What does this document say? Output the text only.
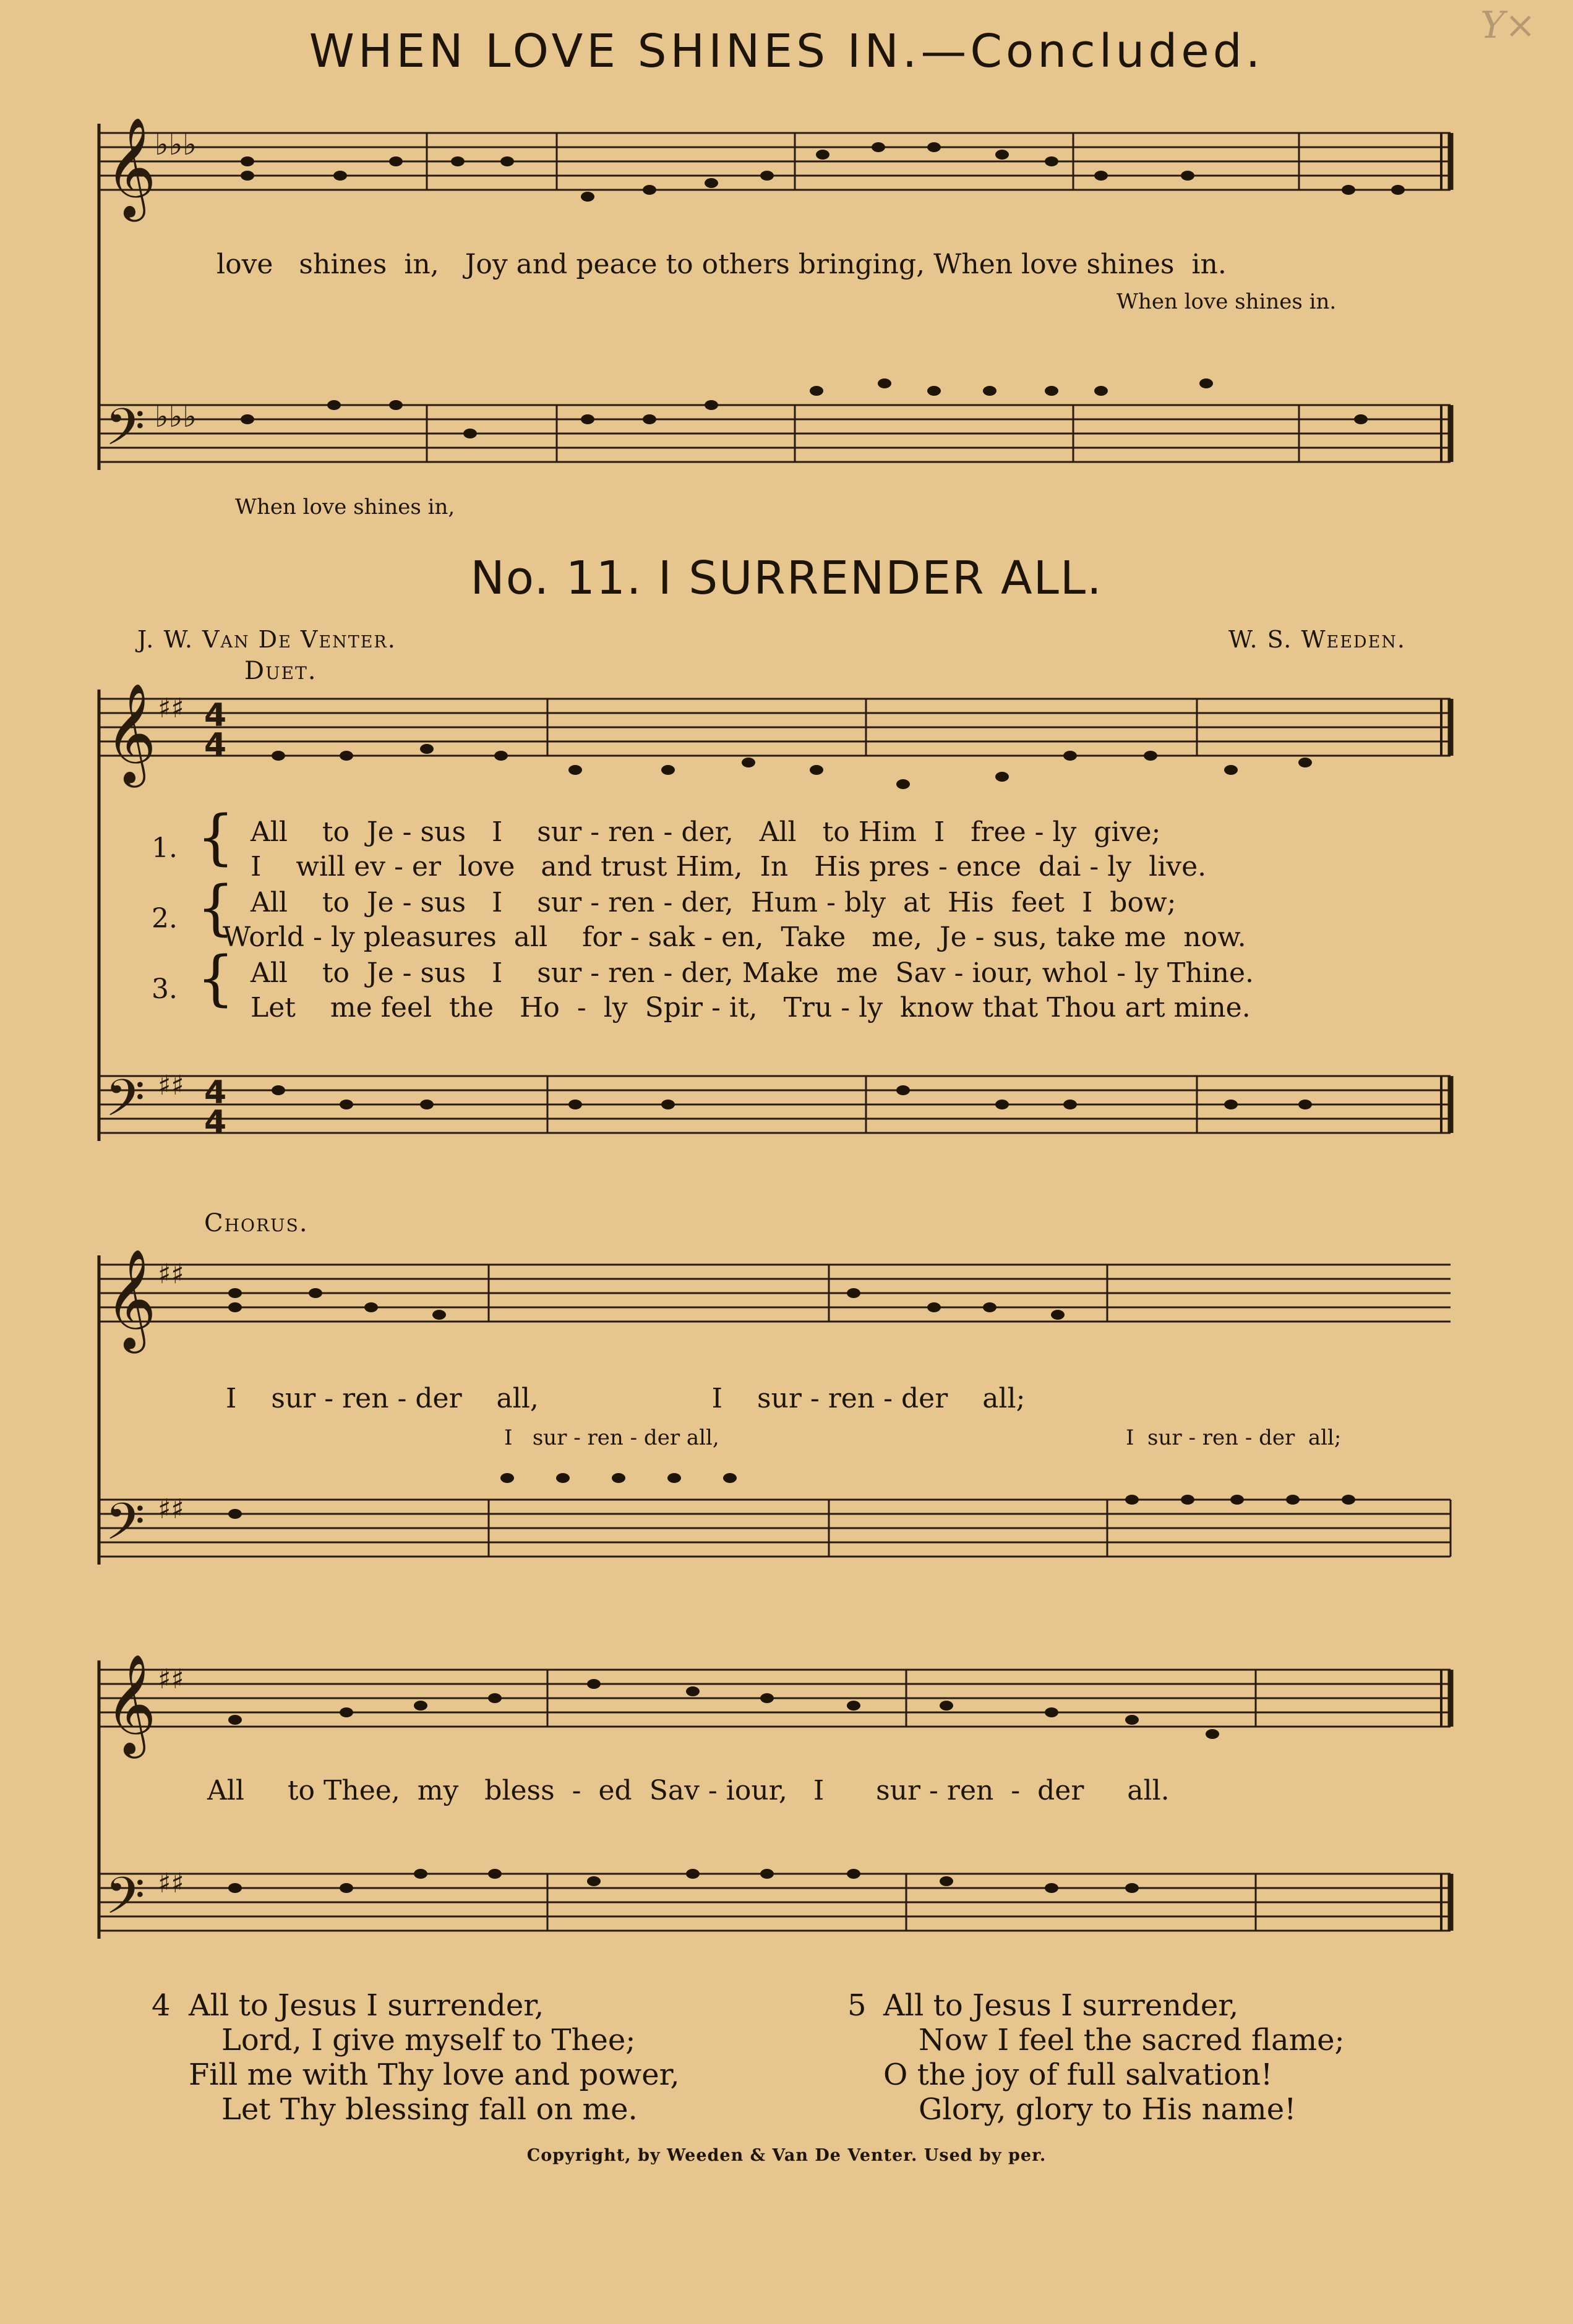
Y×
WHEN LOVE SHINES IN.—Concluded.
𝄞
𝄢
𝄞
𝄢
𝄞
𝄢
𝄞
𝄢
♭♭♭
♭♭♭
♯♯
♯♯
♯♯
♯♯
♯♯
♯♯
4
4
4
4
love   shines  in,   Joy and peace to others bringing, When love shines  in.
When love shines in.
When love shines in,
No. 11. I SURRENDER ALL.
J. W. Van De Venter.	W. S. Weeden.
Duet.
1. { All    to  Je - sus   I    sur - ren - der,   All   to Him  I   free - ly  give;
I    will ev - er  love   and trust Him,  In   His pres - ence  dai - ly  live.
2. { All    to  Je - sus   I    sur - ren - der,  Hum - bly  at  His  feet  I  bow;
World - ly pleasures  all    for - sak - en,  Take   me,  Je - sus, take me  now.
3. { All    to  Je - sus   I    sur - ren - der, Make  me  Sav - iour, whol - ly Thine.
Let    me feel  the   Ho  -  ly  Spir - it,   Tru - ly  know that Thou art mine.
Chorus.
I    sur - ren - der    all,                    I    sur - ren - der    all;
I   sur - ren - der all,	I  sur - ren - der  all;
All     to Thee,  my   bless  -  ed  Sav - iour,   I      sur - ren  -  der     all.
4 All to Jesus I surrender,
Lord, I give myself to Thee;
Fill me with Thy love and power,
Let Thy blessing fall on me.
5 All to Jesus I surrender,
Now I feel the sacred flame;
O the joy of full salvation!
Glory, glory to His name!
Copyright, by Weeden & Van De Venter. Used by per.
